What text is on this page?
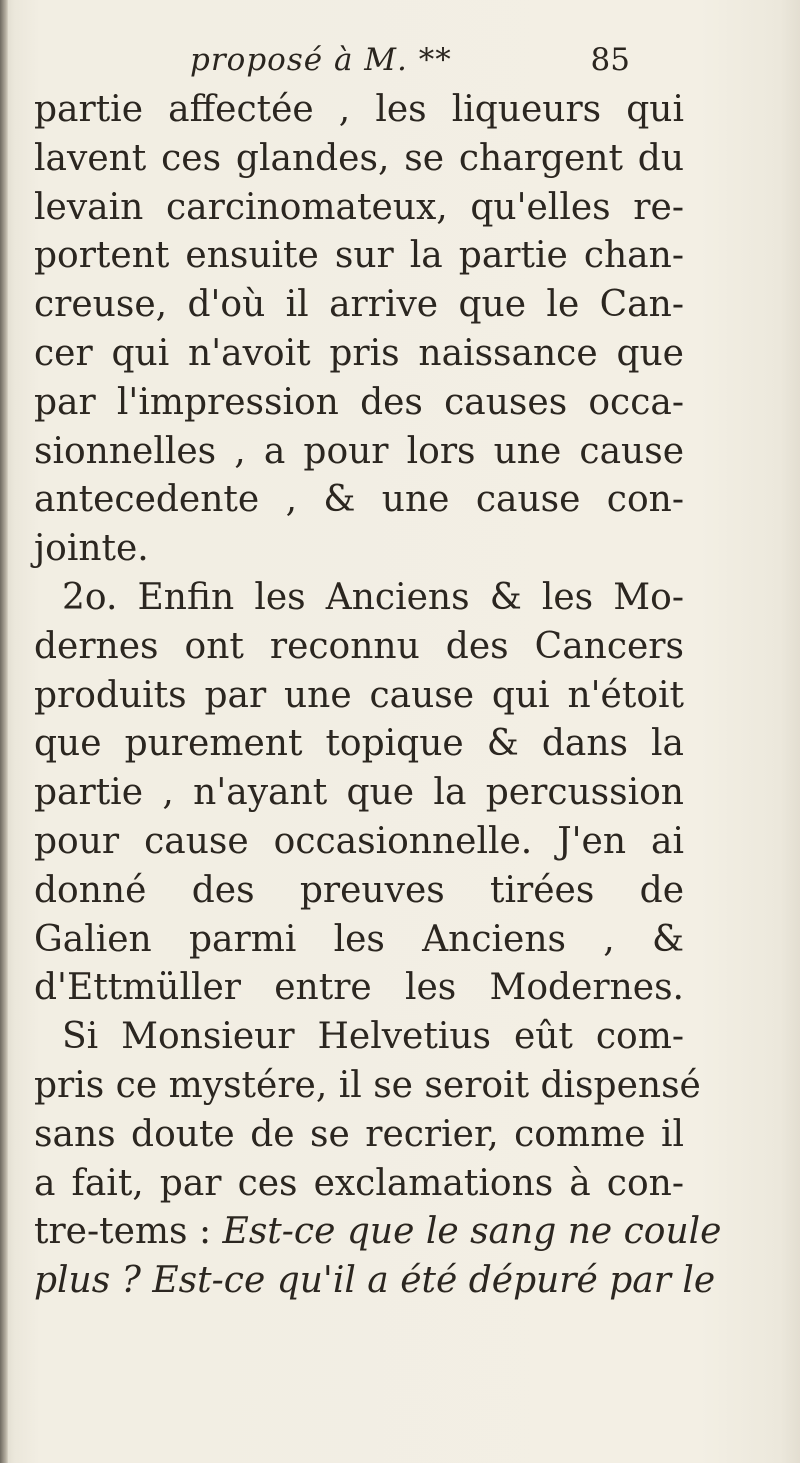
proposé à M. **	85
partie affectée , les liqueurs qui
lavent ces glandes, se chargent du
levain carcinomateux, qu'elles re-
portent ensuite sur la partie chan-
creuse, d'où il arrive que le Can-
cer qui n'avoit pris naissance que
par l'impression des causes occa-
sionnelles , a pour lors une cause
antecedente , & une cause con-
jointe.
2o. Enfin les Anciens & les Mo-
dernes ont reconnu des Cancers
produits par une cause qui n'étoit
que purement topique & dans la
partie , n'ayant que la percussion
pour cause occasionnelle. J'en ai
donné des preuves tirées de
Galien parmi les Anciens , &
d'Ettmüller entre les Modernes.
Si Monsieur Helvetius eût com-
pris ce mystére, il se seroit dispensé
sans doute de se recrier, comme il
a fait, par ces exclamations à con-
tre-tems : Est-ce que le sang ne coule
plus ? Est-ce qu'il a été dépuré par le
